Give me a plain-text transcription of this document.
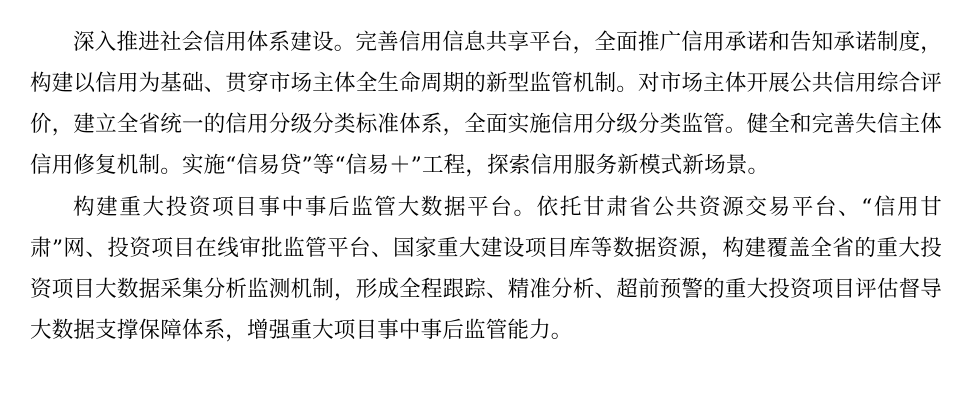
深入推进社会信用体系建设。完善信用信息共享平台，全面推广信用承诺和告知承诺制度，构建以信用为基础、贯穿市场主体全生命周期的新型监管机制。对市场主体开展公共信用综合评价，建立全省统一的信用分级分类标准体系，全面实施信用分级分类监管。健全和完善失信主体信用修复机制。实施“信易贷”等“信易＋”工程，探索信用服务新模式新场景。

构建重大投资项目事中事后监管大数据平台。依托甘肃省公共资源交易平台、“信用甘肃”网、投资项目在线审批监管平台、国家重大建设项目库等数据资源，构建覆盖全省的重大投资项目大数据采集分析监测机制，形成全程跟踪、精准分析、超前预警的重大投资项目评估督导大数据支撑保障体系，增强重大项目事中事后监管能力。
